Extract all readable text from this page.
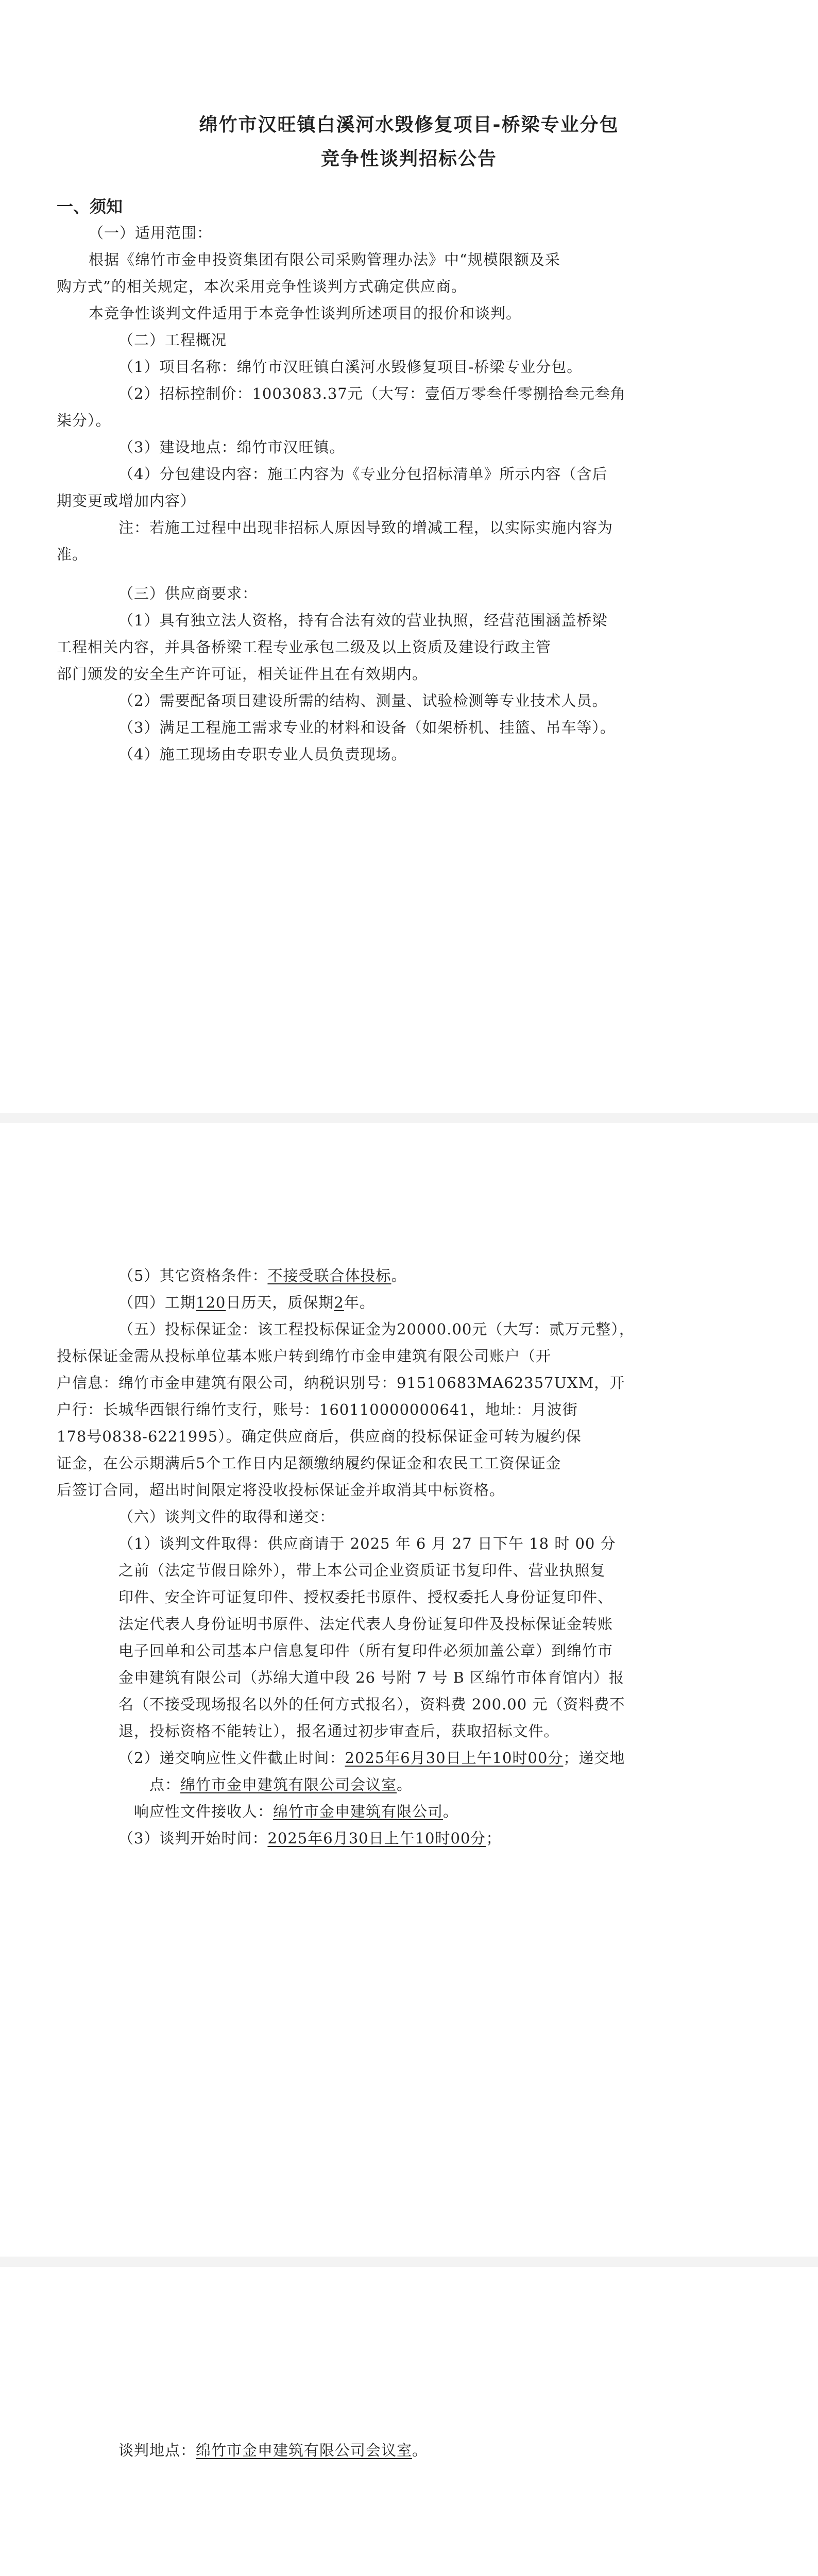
绵竹市汉旺镇白溪河水毁修复项目-桥梁专业分包
竞争性谈判招标公告
一、须知

（一）适用范围：

根据《绵竹市金申投资集团有限公司采购管理办法》中“规模限额及采

购方式”的相关规定，本次采用竞争性谈判方式确定供应商。

本竞争性谈判文件适用于本竞争性谈判所述项目的报价和谈判。

（二）工程概况

（1）项目名称：绵竹市汉旺镇白溪河水毁修复项目-桥梁专业分包。

（2）招标控制价：1003083.37元（大写：壹佰万零叁仟零捌拾叁元叁角

柒分）。

（3）建设地点：绵竹市汉旺镇。

（4）分包建设内容：施工内容为《专业分包招标清单》所示内容（含后

期变更或增加内容）

注：若施工过程中出现非招标人原因导致的增减工程，以实际实施内容为

准。

（三）供应商要求：

（1）具有独立法人资格，持有合法有效的营业执照，经营范围涵盖桥梁

工程相关内容，并具备桥梁工程专业承包二级及以上资质及建设行政主管

部门颁发的安全生产许可证，相关证件且在有效期内。

（2）需要配备项目建设所需的结构、测量、试验检测等专业技术人员。

（3）满足工程施工需求专业的材料和设备（如架桥机、挂篮、吊车等）。

（4）施工现场由专职专业人员负责现场。

（5）其它资格条件：不接受联合体投标。

（四）工期120日历天，质保期2年。

（五）投标保证金：该工程投标保证金为20000.00元（大写：贰万元整），

投标保证金需从投标单位基本账户转到绵竹市金申建筑有限公司账户（开

户信息：绵竹市金申建筑有限公司，纳税识别号：91510683MA62357UXM，开

户行：长城华西银行绵竹支行，账号：160110000000641，地址：月波街

178号0838-6221995）。确定供应商后，供应商的投标保证金可转为履约保

证金，在公示期满后5个工作日内足额缴纳履约保证金和农民工工资保证金

后签订合同，超出时间限定将没收投标保证金并取消其中标资格。

（六）谈判文件的取得和递交：

（1）谈判文件取得：供应商请于 2025 年 6 月 27 日下午 18 时 00 分

之前（法定节假日除外），带上本公司企业资质证书复印件、营业执照复

印件、安全许可证复印件、授权委托书原件、授权委托人身份证复印件、

法定代表人身份证明书原件、法定代表人身份证复印件及投标保证金转账

电子回单和公司基本户信息复印件（所有复印件必须加盖公章）到绵竹市

金申建筑有限公司（苏绵大道中段 26 号附 7 号 B 区绵竹市体育馆内）报

名（不接受现场报名以外的任何方式报名），资料费 200.00 元（资料费不

退，投标资格不能转让），报名通过初步审查后，获取招标文件。

（2）递交响应性文件截止时间：2025年6月30日上午10时00分；递交地

点：绵竹市金申建筑有限公司会议室。

响应性文件接收人：绵竹市金申建筑有限公司。

（3）谈判开始时间：2025年6月30日上午10时00分；

谈判地点：绵竹市金申建筑有限公司会议室。
